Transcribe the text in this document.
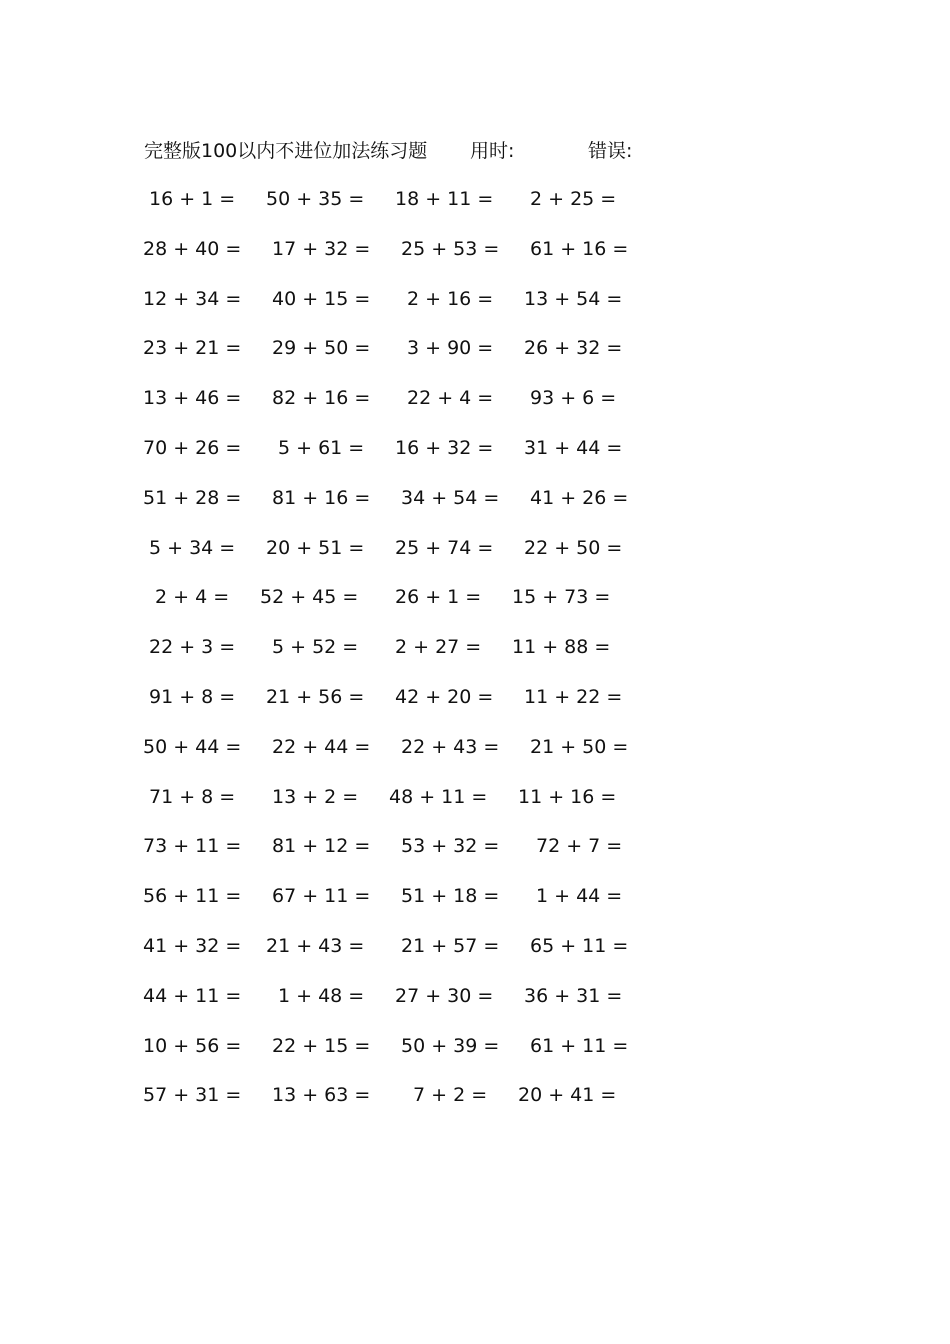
完整版100以内不进位加法练习题 用时:	错误:
16 + 1 = 50 + 35 = 18 + 11 = 2 + 25 =
28 + 40 = 17 + 32 = 25 + 53 = 61 + 16 =
12 + 34 = 40 + 15 = 2 + 16 = 13 + 54 =
23 + 21 = 29 + 50 = 3 + 90 = 26 + 32 =
13 + 46 = 82 + 16 = 22 + 4 = 93 + 6 =
70 + 26 = 5 + 61 = 16 + 32 = 31 + 44 =
51 + 28 = 81 + 16 = 34 + 54 = 41 + 26 =
5 + 34 = 20 + 51 = 25 + 74 = 22 + 50 =
2 + 4 = 52 + 45 = 26 + 1 = 15 + 73 =
22 + 3 = 5 + 52 = 2 + 27 = 11 + 88 =
91 + 8 = 21 + 56 = 42 + 20 = 11 + 22 =
50 + 44 = 22 + 44 = 22 + 43 = 21 + 50 =
71 + 8 = 13 + 2 = 48 + 11 = 11 + 16 =
73 + 11 = 81 + 12 = 53 + 32 = 72 + 7 =
56 + 11 = 67 + 11 = 51 + 18 = 1 + 44 =
41 + 32 = 21 + 43 = 21 + 57 = 65 + 11 =
44 + 11 = 1 + 48 = 27 + 30 = 36 + 31 =
10 + 56 = 22 + 15 = 50 + 39 = 61 + 11 =
57 + 31 = 13 + 63 = 7 + 2 = 20 + 41 =
